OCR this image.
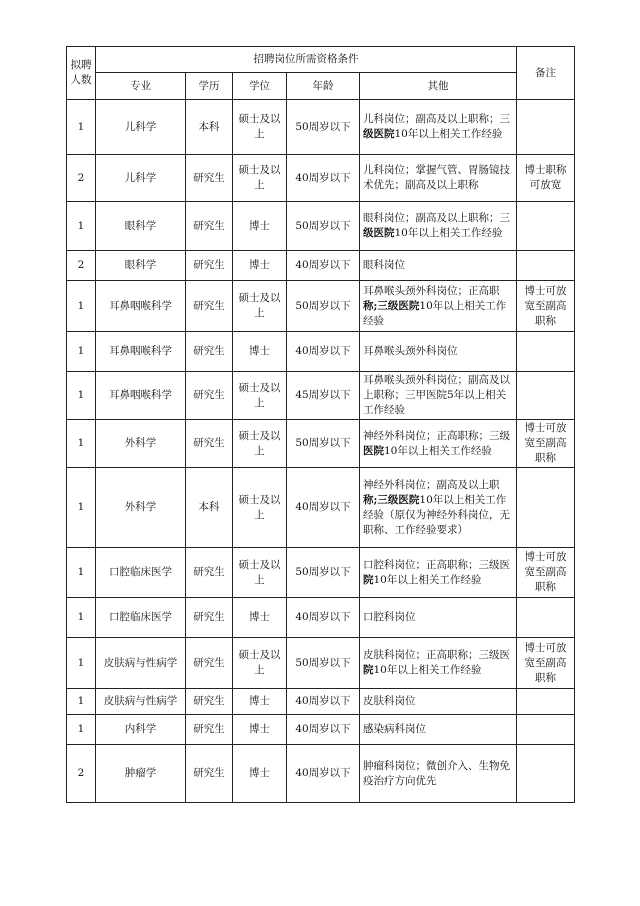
拟聘人数	招聘岗位所需资格条件					备注
	专业	学历	学位	年龄	其他	
1	儿科学	本科	硕士及以上	50周岁以下	儿科岗位；副高及以上职称；三级医院10年以上相关工作经验	
2	儿科学	研究生	硕士及以上	40周岁以下	儿科岗位；掌握气管、胃肠镜技术优先；副高及以上职称	博士职称可放宽
1	眼科学	研究生	博士	50周岁以下	眼科岗位；副高及以上职称；三级医院10年以上相关工作经验	
2	眼科学	研究生	博士	40周岁以下	眼科岗位	
1	耳鼻咽喉科学	研究生	硕士及以上	50周岁以下	耳鼻喉头颈外科岗位；正高职称;三级医院10年以上相关工作经验	博士可放宽至副高职称
1	耳鼻咽喉科学	研究生	博士	40周岁以下	耳鼻喉头颈外科岗位	
1	耳鼻咽喉科学	研究生	硕士及以上	45周岁以下	耳鼻喉头颈外科岗位；副高及以上职称；三甲医院5年以上相关工作经验	
1	外科学	研究生	硕士及以上	50周岁以下	神经外科岗位；正高职称；三级医院10年以上相关工作经验	博士可放宽至副高职称
1	外科学	本科	硕士及以上	40周岁以下	神经外科岗位；副高及以上职称;三级医院10年以上相关工作经验（原仅为神经外科岗位，无职称、工作经验要求）	
1	口腔临床医学	研究生	硕士及以上	50周岁以下	口腔科岗位；正高职称；三级医院10年以上相关工作经验	博士可放宽至副高职称
1	口腔临床医学	研究生	博士	40周岁以下	口腔科岗位	
1	皮肤病与性病学	研究生	硕士及以上	50周岁以下	皮肤科岗位；正高职称；三级医院10年以上相关工作经验	博士可放宽至副高职称
1	皮肤病与性病学	研究生	博士	40周岁以下	皮肤科岗位	
1	内科学	研究生	博士	40周岁以下	感染病科岗位	
2	肿瘤学	研究生	博士	40周岁以下	肿瘤科岗位；微创介入、生物免疫治疗方向优先	
